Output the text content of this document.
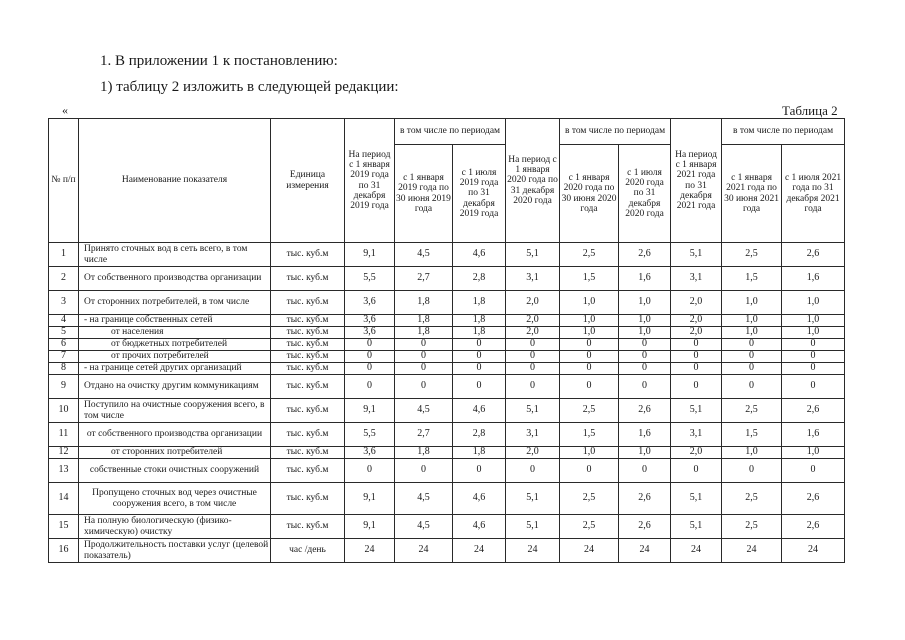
1. В приложении 1 к постановлению:
1) таблицу 2 изложить в следующей редакции:
«	Таблица 2
№ п/п	Наименование показателя	Единица измерения	На период с 1 января 2019 года по 31 декабря 2019 года	в том числе по периодам		На период с 1 января 2020 года по 31 декабря 2020 года	в том числе по периодам		На период с 1 января 2021 года по 31 декабря 2021 года	в том числе по периодам	
				с 1 января 2019 года по 30 июня 2019 года	с 1 июля 2019 года по 31 декабря 2019 года		с 1 января 2020 года по 30 июня 2020 года	с 1 июля 2020 года по 31 декабря 2020 года		с 1 января 2021 года по 30 июня 2021 года	с 1 июля 2021 года по 31 декабря 2021 года
1	Принято сточных вод в сеть всего, в том числе	тыс. куб.м	9,1	4,5	4,6	5,1	2,5	2,6	5,1	2,5	2,6
2	От собственного производства организации	тыс. куб.м	5,5	2,7	2,8	3,1	1,5	1,6	3,1	1,5	1,6
3	От сторонних потребителей, в том числе	тыс. куб.м	3,6	1,8	1,8	2,0	1,0	1,0	2,0	1,0	1,0
4	- на границе собственных сетей	тыс. куб.м	3,6	1,8	1,8	2,0	1,0	1,0	2,0	1,0	1,0
5	от населения	тыс. куб.м	3,6	1,8	1,8	2,0	1,0	1,0	2,0	1,0	1,0
6	от бюджетных потребителей	тыс. куб.м	0	0	0	0	0	0	0	0	0
7	от прочих потребителей	тыс. куб.м	0	0	0	0	0	0	0	0	0
8	- на границе сетей других организаций	тыс. куб.м	0	0	0	0	0	0	0	0	0
9	Отдано на очистку другим коммуникациям	тыс. куб.м	0	0	0	0	0	0	0	0	0
10	Поступило на очистные сооружения всего, в том числе	тыс. куб.м	9,1	4,5	4,6	5,1	2,5	2,6	5,1	2,5	2,6
11	от собственного производства организации	тыс. куб.м	5,5	2,7	2,8	3,1	1,5	1,6	3,1	1,5	1,6
12	от сторонних потребителей	тыс. куб.м	3,6	1,8	1,8	2,0	1,0	1,0	2,0	1,0	1,0
13	собственные стоки очистных сооружений	тыс. куб.м	0	0	0	0	0	0	0	0	0
14	Пропущено сточных вод через очистные сооружения всего, в том числе	тыс. куб.м	9,1	4,5	4,6	5,1	2,5	2,6	5,1	2,5	2,6
15	На полную биологическую (физико-химическую) очистку	тыс. куб.м	9,1	4,5	4,6	5,1	2,5	2,6	5,1	2,5	2,6
16	Продолжительность поставки услуг (целевой показатель)	час /день	24	24	24	24	24	24	24	24	24
